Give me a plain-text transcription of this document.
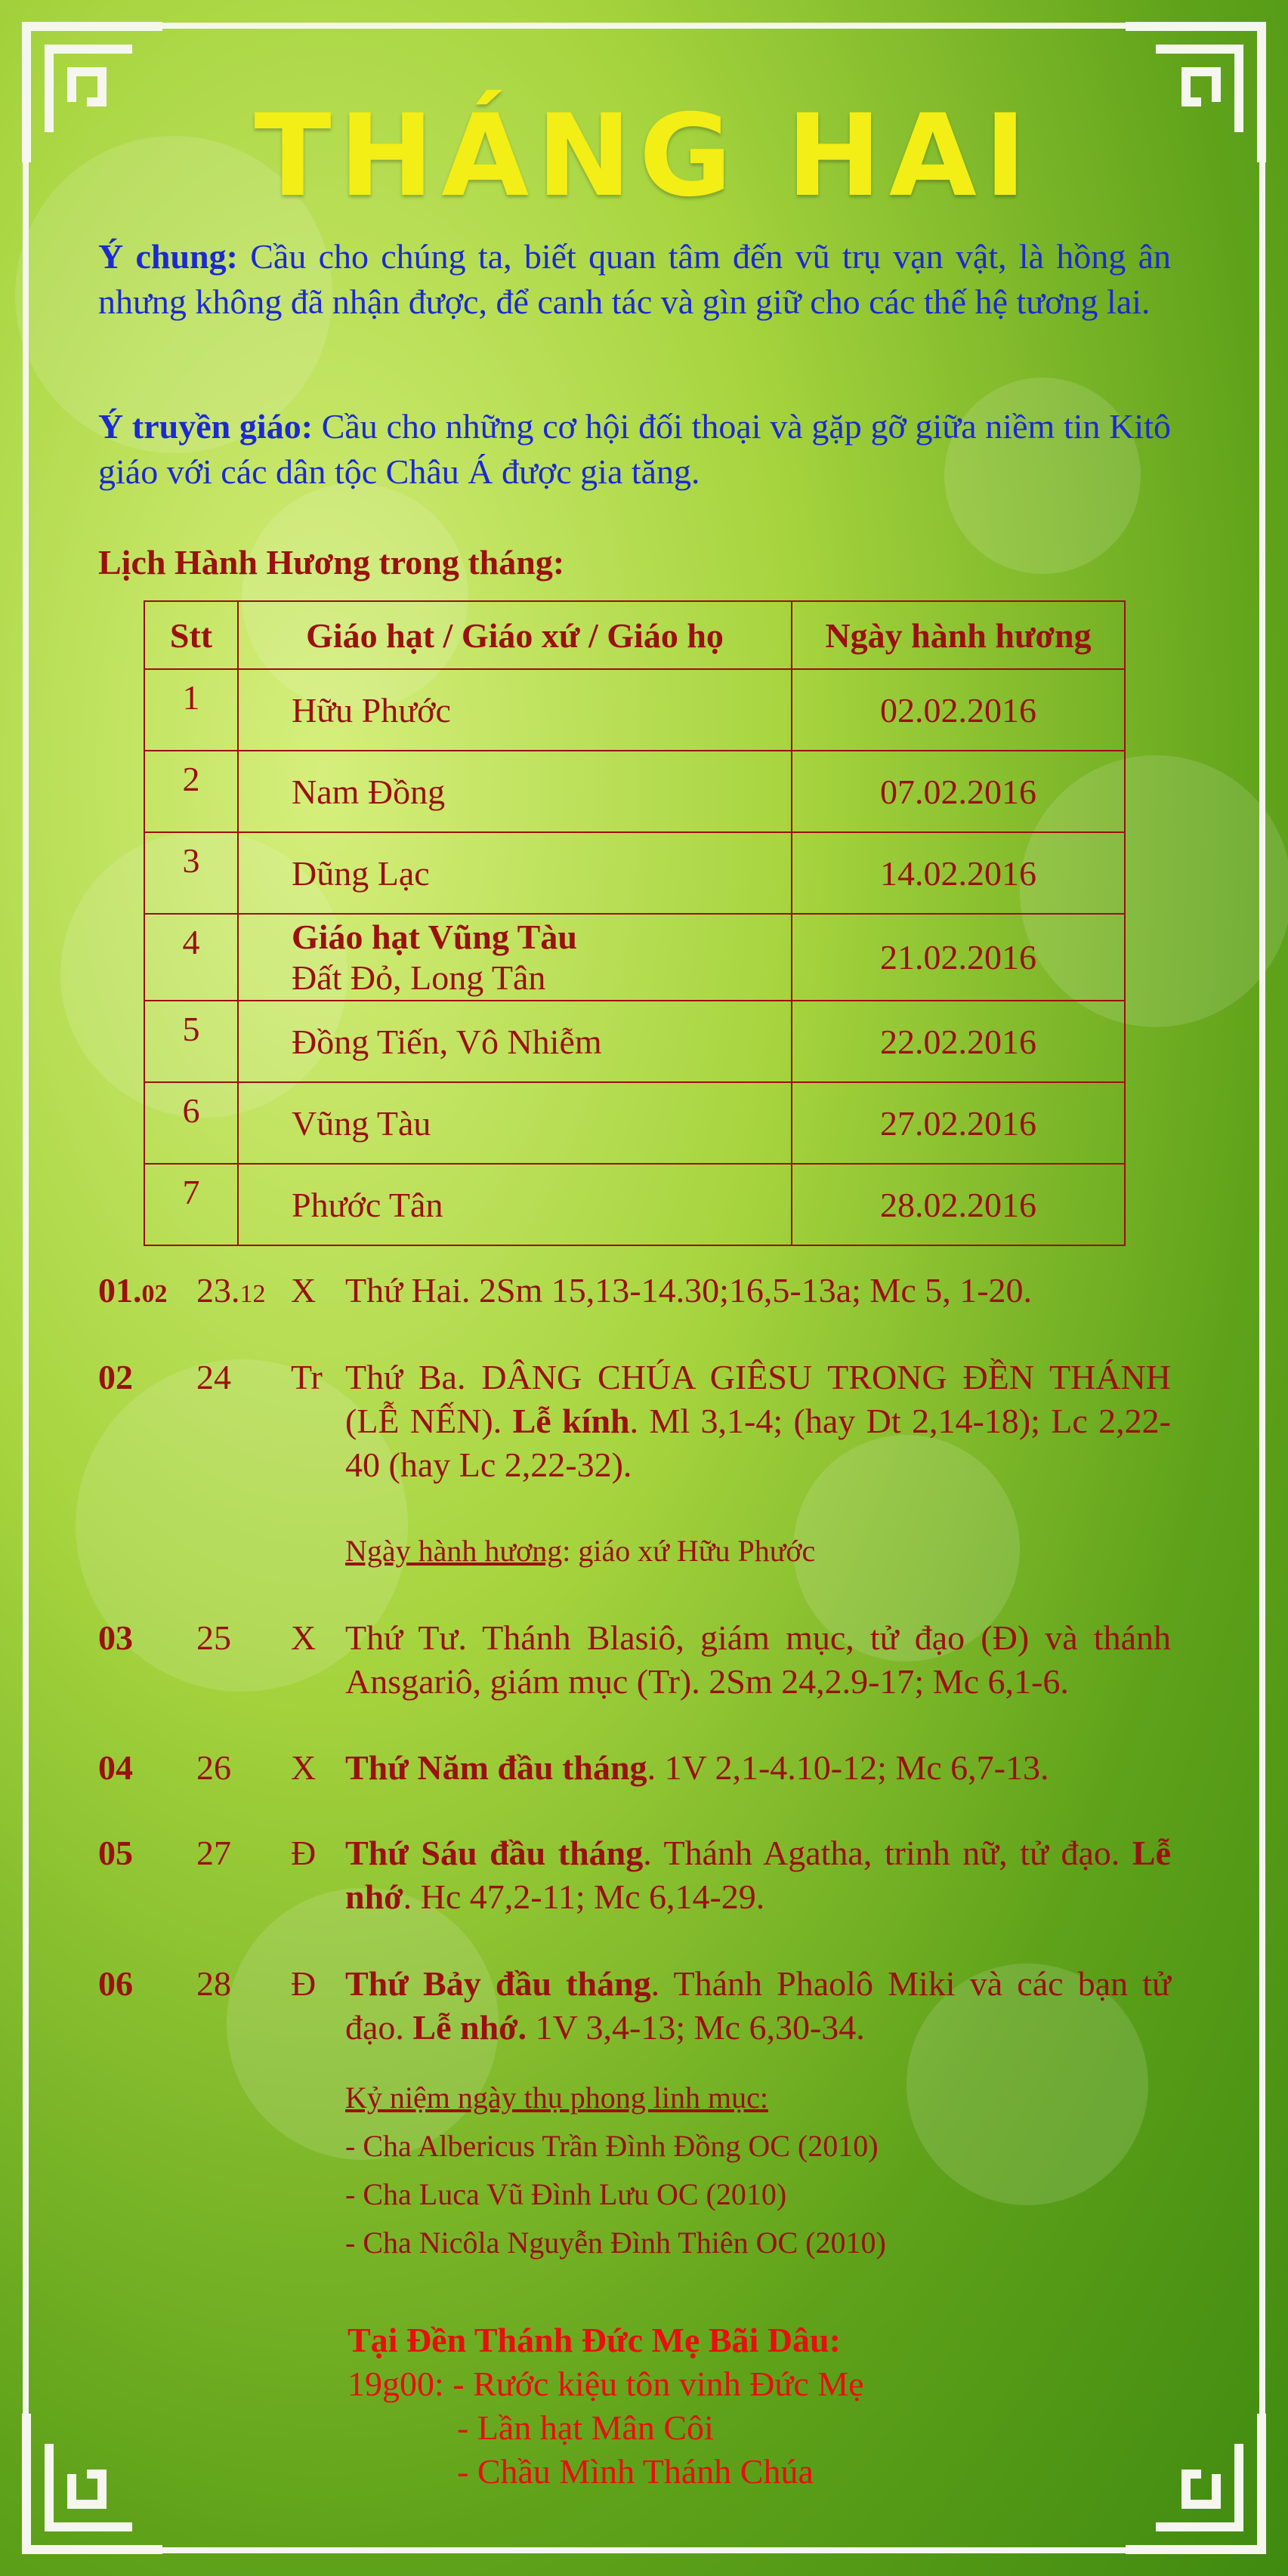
THÁNG HAI
Ý chung: Cầu cho chúng ta, biết quan tâm đến vũ trụ vạn vật, là hồng ân nhưng không đã nhận được, để canh tác và gìn giữ cho các thế hệ tương lai.
Ý truyền giáo: Cầu cho những cơ hội đối thoại và gặp gỡ giữa niềm tin Kitô giáo với các dân tộc Châu Á được gia tăng.
Lịch Hành Hương trong tháng:
Stt	Giáo hạt / Giáo xứ / Giáo họ	Ngày hành hương
1	Hữu Phước	02.02.2016
2	Nam Đồng	07.02.2016
3	Dũng Lạc	14.02.2016
4	Giáo hạt Vũng Tàu
Đất Đỏ, Long Tân	21.02.2016
5	Đồng Tiến, Vô Nhiễm	22.02.2016
6	Vũng Tàu	27.02.2016
7	Phước Tân	28.02.2016
01.02 23.12 X Thứ Hai. 2Sm 15,13-14.30;16,5-13a; Mc 5, 1-20.
02 24 Tr Thứ Ba. DÂNG CHÚA GIÊSU TRONG ĐỀN THÁNH (LỄ NẾN). Lễ kính. Ml 3,1-4; (hay Dt 2,14-18); Lc 2,22-40 (hay Lc 2,22-32).
Ngày hành hương: giáo xứ Hữu Phước
03 25 X Thứ Tư. Thánh Blasiô, giám mục, tử đạo (Đ) và thánh Ansgariô, giám mục (Tr). 2Sm 24,2.9-17; Mc 6,1-6.
04 26 X Thứ Năm đầu tháng. 1V 2,1-4.10-12; Mc 6,7-13.
05 27 Đ Thứ Sáu đầu tháng. Thánh Agatha, trinh nữ, tử đạo. Lễ nhớ. Hc 47,2-11; Mc 6,14-29.
06 28 Đ Thứ Bảy đầu tháng. Thánh Phaolô Miki và các bạn tử đạo. Lễ nhớ. 1V 3,4-13; Mc 6,30-34.
Kỷ niệm ngày thụ phong linh mục:
- Cha Albericus Trần Đình Đồng OC (2010)
- Cha Luca Vũ Đình Lưu OC (2010)
- Cha Nicôla Nguyễn Đình Thiên OC (2010)
Tại Đền Thánh Đức Mẹ Bãi Dâu:
19g00: - Rước kiệu tôn vinh Đức Mẹ
- Lần hạt Mân Côi
- Chầu Mình Thánh Chúa
